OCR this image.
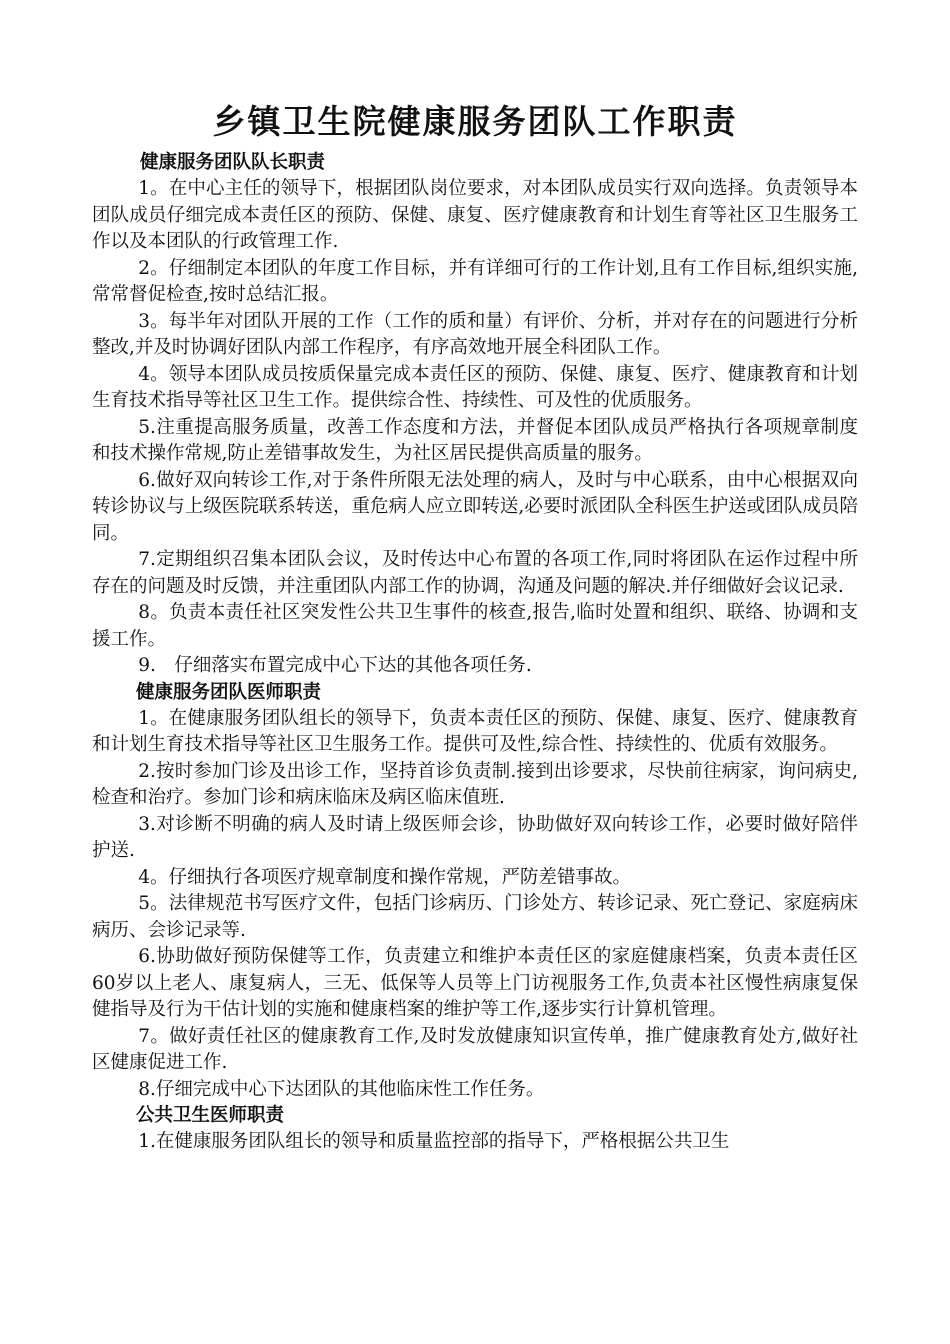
乡镇卫生院健康服务团队工作职责
健康服务团队队长职责

1。在中心主任的领导下，根据团队岗位要求，对本团队成员实行双向选择。负责领导本团队成员仔细完成本责任区的预防、保健、康复、医疗健康教育和计划生育等社区卫生服务工作以及本团队的行政管理工作.

2。仔细制定本团队的年度工作目标，并有详细可行的工作计划,且有工作目标,组织实施,常常督促检查,按时总结汇报。

3。每半年对团队开展的工作（工作的质和量）有评价、分析，并对存在的问题进行分析整改,并及时协调好团队内部工作程序，有序高效地开展全科团队工作。

4。领导本团队成员按质保量完成本责任区的预防、保健、康复、医疗、健康教育和计划生育技术指导等社区卫生工作。提供综合性、持续性、可及性的优质服务。

5.注重提高服务质量，改善工作态度和方法，并督促本团队成员严格执行各项规章制度和技术操作常规,防止差错事故发生，为社区居民提供高质量的服务。

6.做好双向转诊工作,对于条件所限无法处理的病人，及时与中心联系，由中心根据双向转诊协议与上级医院联系转送，重危病人应立即转送,必要时派团队全科医生护送或团队成员陪同。

7.定期组织召集本团队会议，及时传达中心布置的各项工作,同时将团队在运作过程中所存在的问题及时反馈，并注重团队内部工作的协调，沟通及问题的解决.并仔细做好会议记录.

8。负责本责任社区突发性公共卫生事件的核查,报告,临时处置和组织、联络、协调和支援工作。

9.　仔细落实布置完成中心下达的其他各项任务.

健康服务团队医师职责

1。在健康服务团队组长的领导下，负责本责任区的预防、保健、康复、医疗、健康教育和计划生育技术指导等社区卫生服务工作。提供可及性,综合性、持续性的、优质有效服务。

2.按时参加门诊及出诊工作，坚持首诊负责制.接到出诊要求，尽快前往病家，询问病史,检查和治疗。参加门诊和病床临床及病区临床值班.

3.对诊断不明确的病人及时请上级医师会诊，协助做好双向转诊工作，必要时做好陪伴护送.

4。仔细执行各项医疗规章制度和操作常规，严防差错事故。

5。法律规范书写医疗文件，包括门诊病历、门诊处方、转诊记录、死亡登记、家庭病床病历、会诊记录等.

6.协助做好预防保健等工作，负责建立和维护本责任区的家庭健康档案，负责本责任区60岁以上老人、康复病人，三无、低保等人员等上门访视服务工作,负责本社区慢性病康复保健指导及行为干估计划的实施和健康档案的维护等工作,逐步实行计算机管理。

7。做好责任社区的健康教育工作,及时发放健康知识宣传单，推广健康教育处方,做好社区健康促进工作.

8.仔细完成中心下达团队的其他临床性工作任务。

公共卫生医师职责

1.在健康服务团队组长的领导和质量监控部的指导下，严格根据公共卫生
